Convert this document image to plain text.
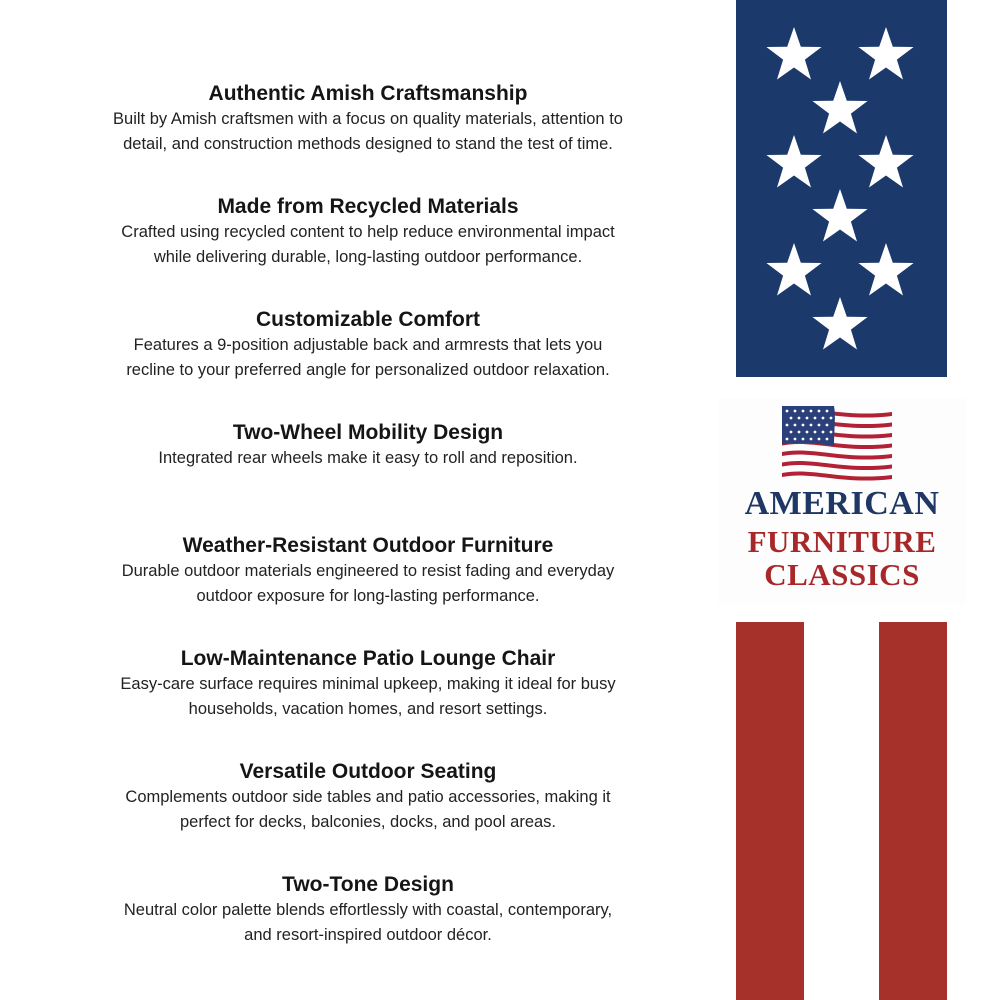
Authentic Amish Craftsmanship

Built by Amish craftsmen with a focus on quality materials, attention to

detail, and construction methods designed to stand the test of time.

Made from Recycled Materials

Crafted using recycled content to help reduce environmental impact

while delivering durable, long-lasting outdoor performance.

Customizable Comfort

Features a 9-position adjustable back and armrests that lets you

recline to your preferred angle for personalized outdoor relaxation.

Two-Wheel Mobility Design

Integrated rear wheels make it easy to roll and reposition.

Weather-Resistant Outdoor Furniture

Durable outdoor materials engineered to resist fading and everyday

outdoor exposure for long-lasting performance.

Low-Maintenance Patio Lounge Chair

Easy-care surface requires minimal upkeep, making it ideal for busy

households, vacation homes, and resort settings.

Versatile Outdoor Seating

Complements outdoor side tables and patio accessories, making it

perfect for decks, balconies, docks, and pool areas.

Two-Tone Design

Neutral color palette blends effortlessly with coastal, contemporary,

and resort-inspired outdoor décor.

AMERICAN
FURNITURE
CLASSICS
